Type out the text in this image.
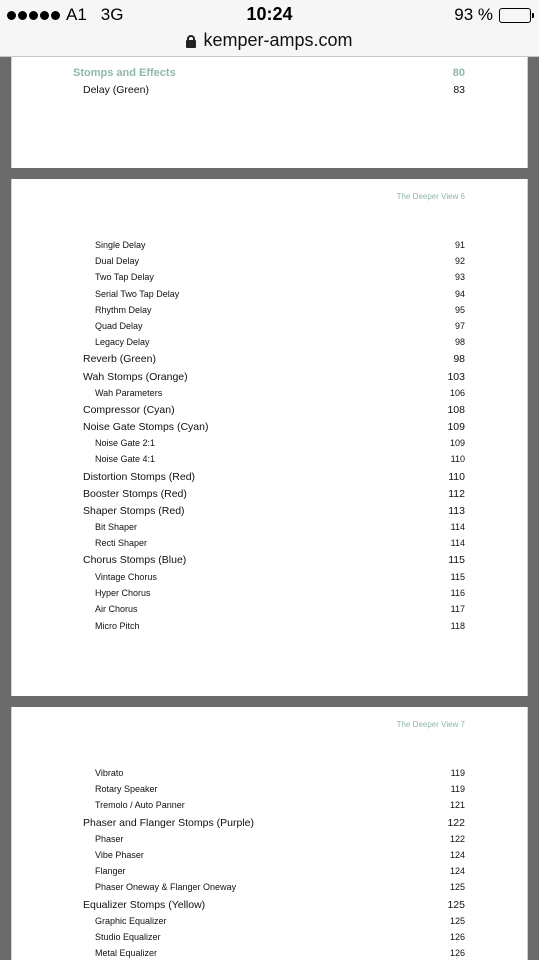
A1 3G	10:24	93 %
kemper-amps.com
Stomps and Effects	80
Delay (Green)	83
The Deeper View 6
Single Delay	91
Dual Delay	92
Two Tap Delay	93
Serial Two Tap Delay	94
Rhythm Delay	95
Quad Delay	97
Legacy Delay	98
Reverb (Green)	98
Wah Stomps (Orange)	103
Wah Parameters	106
Compressor (Cyan)	108
Noise Gate Stomps (Cyan)	109
Noise Gate 2:1	109
Noise Gate 4:1	110
Distortion Stomps (Red)	110
Booster Stomps (Red)	112
Shaper Stomps (Red)	113
Bit Shaper	114
Recti Shaper	114
Chorus Stomps (Blue)	115
Vintage Chorus	115
Hyper Chorus	116
Air Chorus	117
Micro Pitch	118
The Deeper View 7
Vibrato	119
Rotary Speaker	119
Tremolo / Auto Panner	121
Phaser and Flanger Stomps (Purple)	122
Phaser	122
Vibe Phaser	124
Flanger	124
Phaser Oneway & Flanger Oneway	125
Equalizer Stomps (Yellow)	125
Graphic Equalizer	125
Studio Equalizer	126
Metal Equalizer	126
